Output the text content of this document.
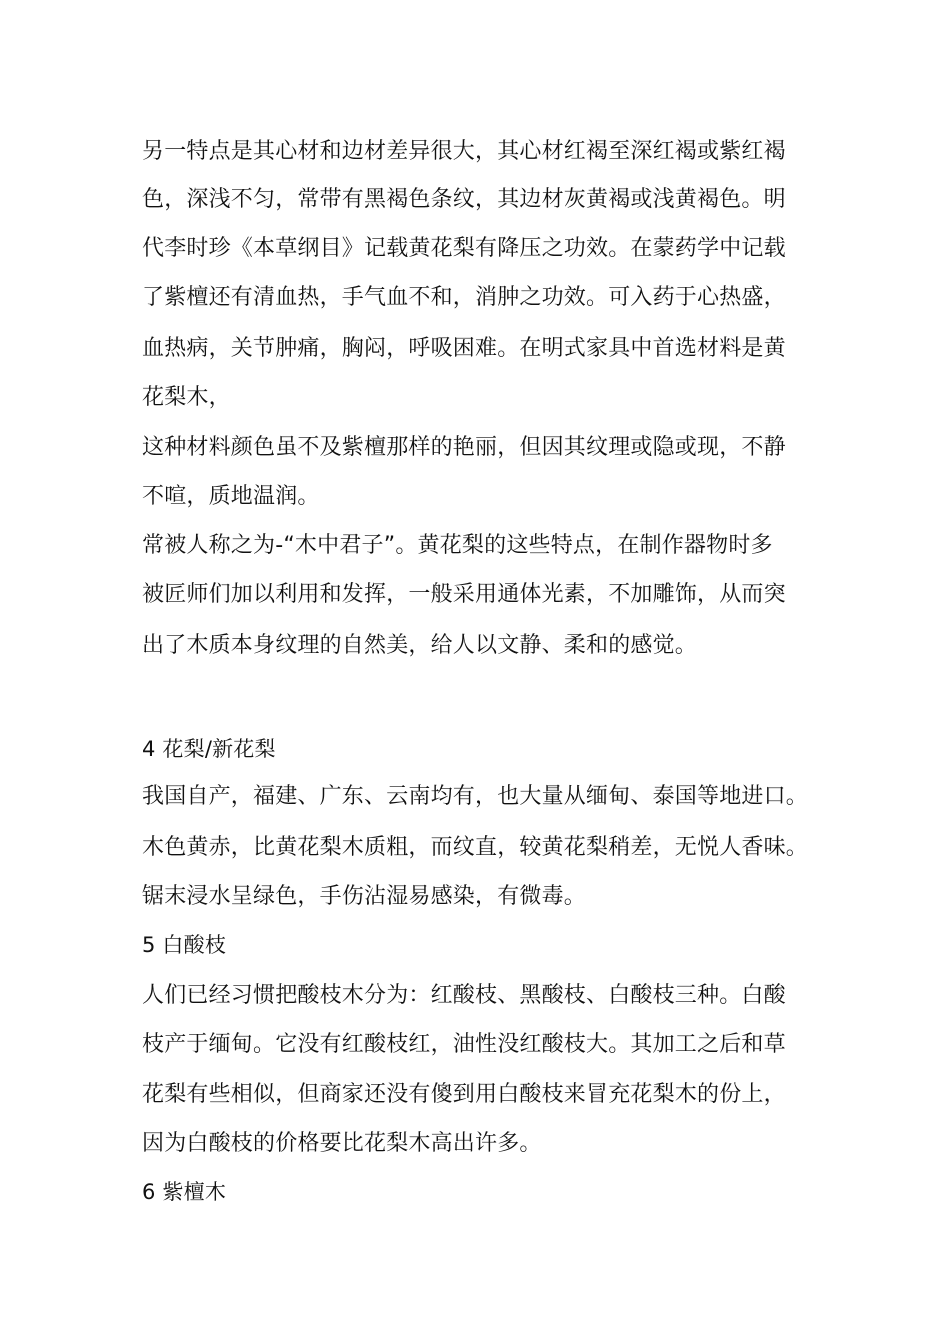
另一特点是其心材和边材差异很大，其心材红褐至深红褐或紫红褐
色，深浅不匀，常带有黑褐色条纹，其边材灰黄褐或浅黄褐色。明
代李时珍《本草纲目》记载黄花梨有降压之功效。在蒙药学中记载
了紫檀还有清血热，手气血不和，消肿之功效。可入药于心热盛，
血热病，关节肿痛，胸闷，呼吸困难。在明式家具中首选材料是黄
花梨木，
这种材料颜色虽不及紫檀那样的艳丽，但因其纹理或隐或现，不静
不喧，质地温润。
常被人称之为-“木中君子”。黄花梨的这些特点，在制作器物时多
被匠师们加以利用和发挥，一般采用通体光素，不加雕饰，从而突
出了木质本身纹理的自然美，给人以文静、柔和的感觉。
4 花梨/新花梨
我国自产，福建、广东、云南均有，也大量从缅甸、泰国等地进口。
木色黄赤，比黄花梨木质粗，而纹直，较黄花梨稍差，无悦人香味。
锯末浸水呈绿色，手伤沾湿易感染，有微毒。
5 白酸枝
人们已经习惯把酸枝木分为：红酸枝、黑酸枝、白酸枝三种。白酸
枝产于缅甸。它没有红酸枝红，油性没红酸枝大。其加工之后和草
花梨有些相似，但商家还没有傻到用白酸枝来冒充花梨木的份上，
因为白酸枝的价格要比花梨木高出许多。
6 紫檀木
